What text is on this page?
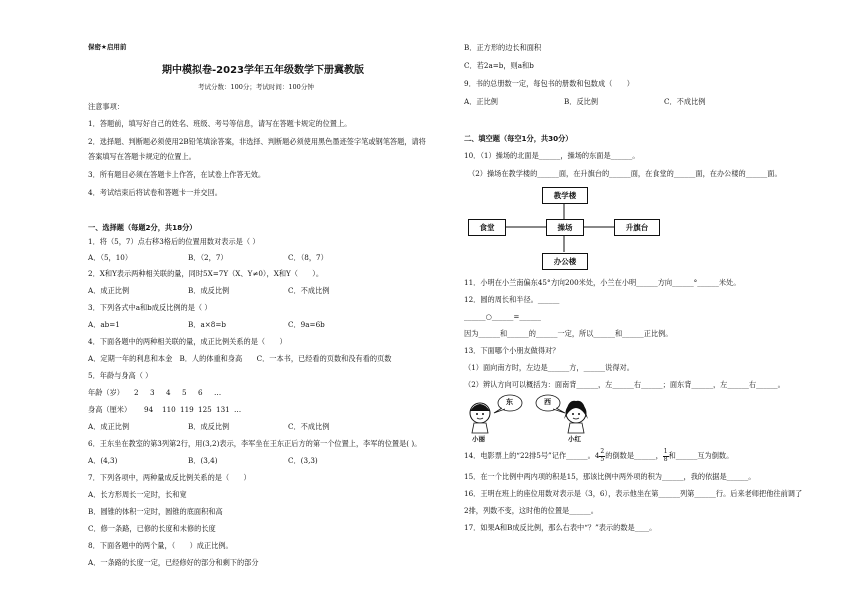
保密★启用前
期中模拟卷-2023学年五年级数学下册冀教版
考试分数：100分；考试时间：100分钟
注意事项：
1．答题前，填写好自己的姓名、班级、考号等信息，请写在答题卡规定的位置上。
2．选择题、判断题必须使用2B铅笔填涂答案，非选择、判断题必须使用黑色墨迹签字笔或钢笔答题，请将
答案填写在答题卡规定的位置上。
3．所有题目必须在答题卡上作答，在试卷上作答无效。
4．考试结束后将试卷和答题卡一并交回。
一、选择题（每题2分，共18分）
1．将（5，7）点右移3格后的位置用数对表示是（ ）
A．（5，10）	B．（2，7）	C．（8，7）
2．X和Y表示两种相关联的量，同时5X=7Y（X、Y≠0），X和Y（　　）。
A．成正比例	B．成反比例	C．不成比例
3．下列各式中a和b成反比例的是（ ）
A．ab=1	B．a×8=b	C．9a=6b
4．下面各题中的两种相关联的量，成正比例关系的是（　　）
A．定期一年的利息和本金　B．人的体重和身高　　C．一本书，已经看的页数和没有看的页数
5．年龄与身高（ ）
年龄（岁） 2 3 4 5 6 …
身高（厘米） 94 110 119 125 131 …
A．成正比例	B．成反比例	C．不成比例
6．王东坐在教室的第3列第2行，用(3,2)表示，李军坐在王东正后方的第一个位置上，李军的位置是( )。
A．(4,3)	B．(3,4)	C．(3,3)
7．下列各项中，两种量成反比例关系的是（　　）
A．长方形周长一定时，长和宽
B．圆锥的体积一定时，圆锥的底面积和高
C．修一条路，已修的长度和未修的长度
8．下面各题中的两个量，（　　）成正比例。
A．一条路的长度一定，已经修好的部分和剩下的部分
B．正方形的边长和面积
C．若2a=b，则a和b
9．书的总册数一定，每包书的册数和包数成（　　）
A．正比例	B．反比例	C．不成比例
二、填空题（每空1分，共30分）
10．（1）操场的北面是______，操场的东面是______。
（2）操场在教学楼的______面，在升旗台的______面，在食堂的______面，在办公楼的______面。
教学楼
食堂	操场	升旗台
办公楼
11．小明在小兰南偏东45°方向200米处，小兰在小明______方向______°______米处。
12．圆的周长和半径。______
______○______=______
因为______和______的______一定，所以______和______正比例。
13．下面哪个小朋友做得对？
（1）面向南方时，左边是______方，______说得对。
（2）辨认方向可以概括为：面南背______，左______右______；面东背______，左______右______。
东	西
小丽	小红
14．电影票上的“22排5号”记作______。$4 \frac{2}{5}$ 的倒数是______， $\frac{1}{8}$ 和______互为倒数。
15．在一个比例中两内项的积是15，那该比例中两外项的积为______，我的依据是______。
16．王明在班上的座位用数对表示是（3，6），表示他坐在第______列第______行。后来老师把他往前调了
2排，列数不变，这时他的位置是______。
17．如果A和B成反比例，那么右表中“？”表示的数是____。
